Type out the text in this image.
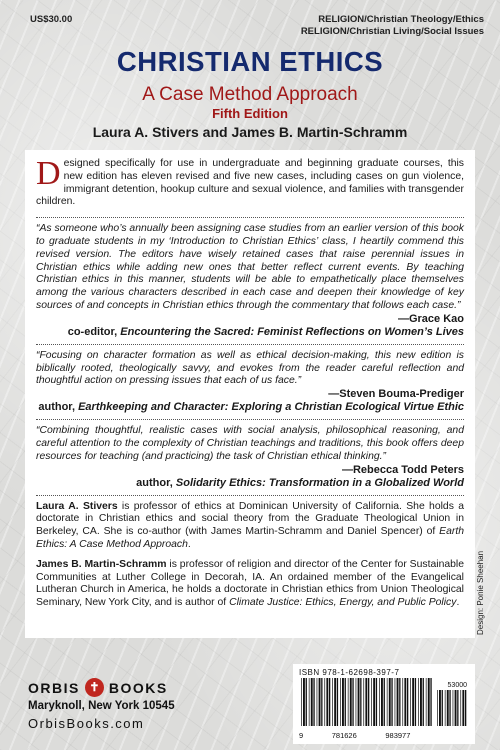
US$30.00	RELIGION/Christian Theology/Ethics
RELIGION/Christian Living/Social Issues
CHRISTIAN ETHICS
A Case Method Approach
Fifth Edition
Laura A. Stivers and James B. Martin-Schramm

Designed specifically for use in undergraduate and beginning graduate courses, this new edition has eleven revised and five new cases, including cases on gun violence, immigrant detention, hookup culture and sexual violence, and families with transgender children.

“As someone who’s annually been assigning case studies from an earlier version of this book to graduate students in my ‘Introduction to Christian Ethics’ class, I heartily commend this revised version. The editors have wisely retained cases that raise perennial issues in Christian ethics while adding new ones that better reflect current events. By teaching Christian ethics in this manner, students will be able to empathetically place themselves among the various characters described in each case and deepen their knowledge of key sources of and concepts in Christian ethics through the commentary that follows each case.”

—Grace Kao

co-editor, Encountering the Sacred: Feminist Reflections on Women’s Lives

“Focusing on character formation as well as ethical decision-making, this new edition is biblically rooted, theologically savvy, and evokes from the reader careful reflection and thoughtful action on pressing issues that each of us face.”

—Steven Bouma-Prediger

author, Earthkeeping and Character: Exploring a Christian Ecological Virtue Ethic

“Combining thoughtful, realistic cases with social analysis, philosophical reasoning, and careful attention to the complexity of Christian teachings and traditions, this book offers deep resources for teaching (and practicing) the task of Christian ethical thinking.”

—Rebecca Todd Peters

author, Solidarity Ethics: Transformation in a Globalized World

Laura A. Stivers is professor of ethics at Dominican University of California. She holds a doctorate in Christian ethics and social theory from the Graduate Theological Union in Berkeley, CA. She is co-author (with James Martin-Schramm and Daniel Spencer) of Earth Ethics: A Case Method Approach.

James B. Martin-Schramm is professor of religion and director of the Center for Sustainable Communities at Luther College in Decorah, IA. An ordained member of the Evangelical Lutheran Church in America, he holds a doctorate in Christian ethics from Union Theological Seminary, New York City, and is author of Climate Justice: Ethics, Energy, and Public Policy.	Design: Ponie Sheehan
ORBIS
✝ BOOKS
Maryknoll, New York 10545
OrbisBooks.com
ISBN 978-1-62698-397-7
53000
9	781626	983977
